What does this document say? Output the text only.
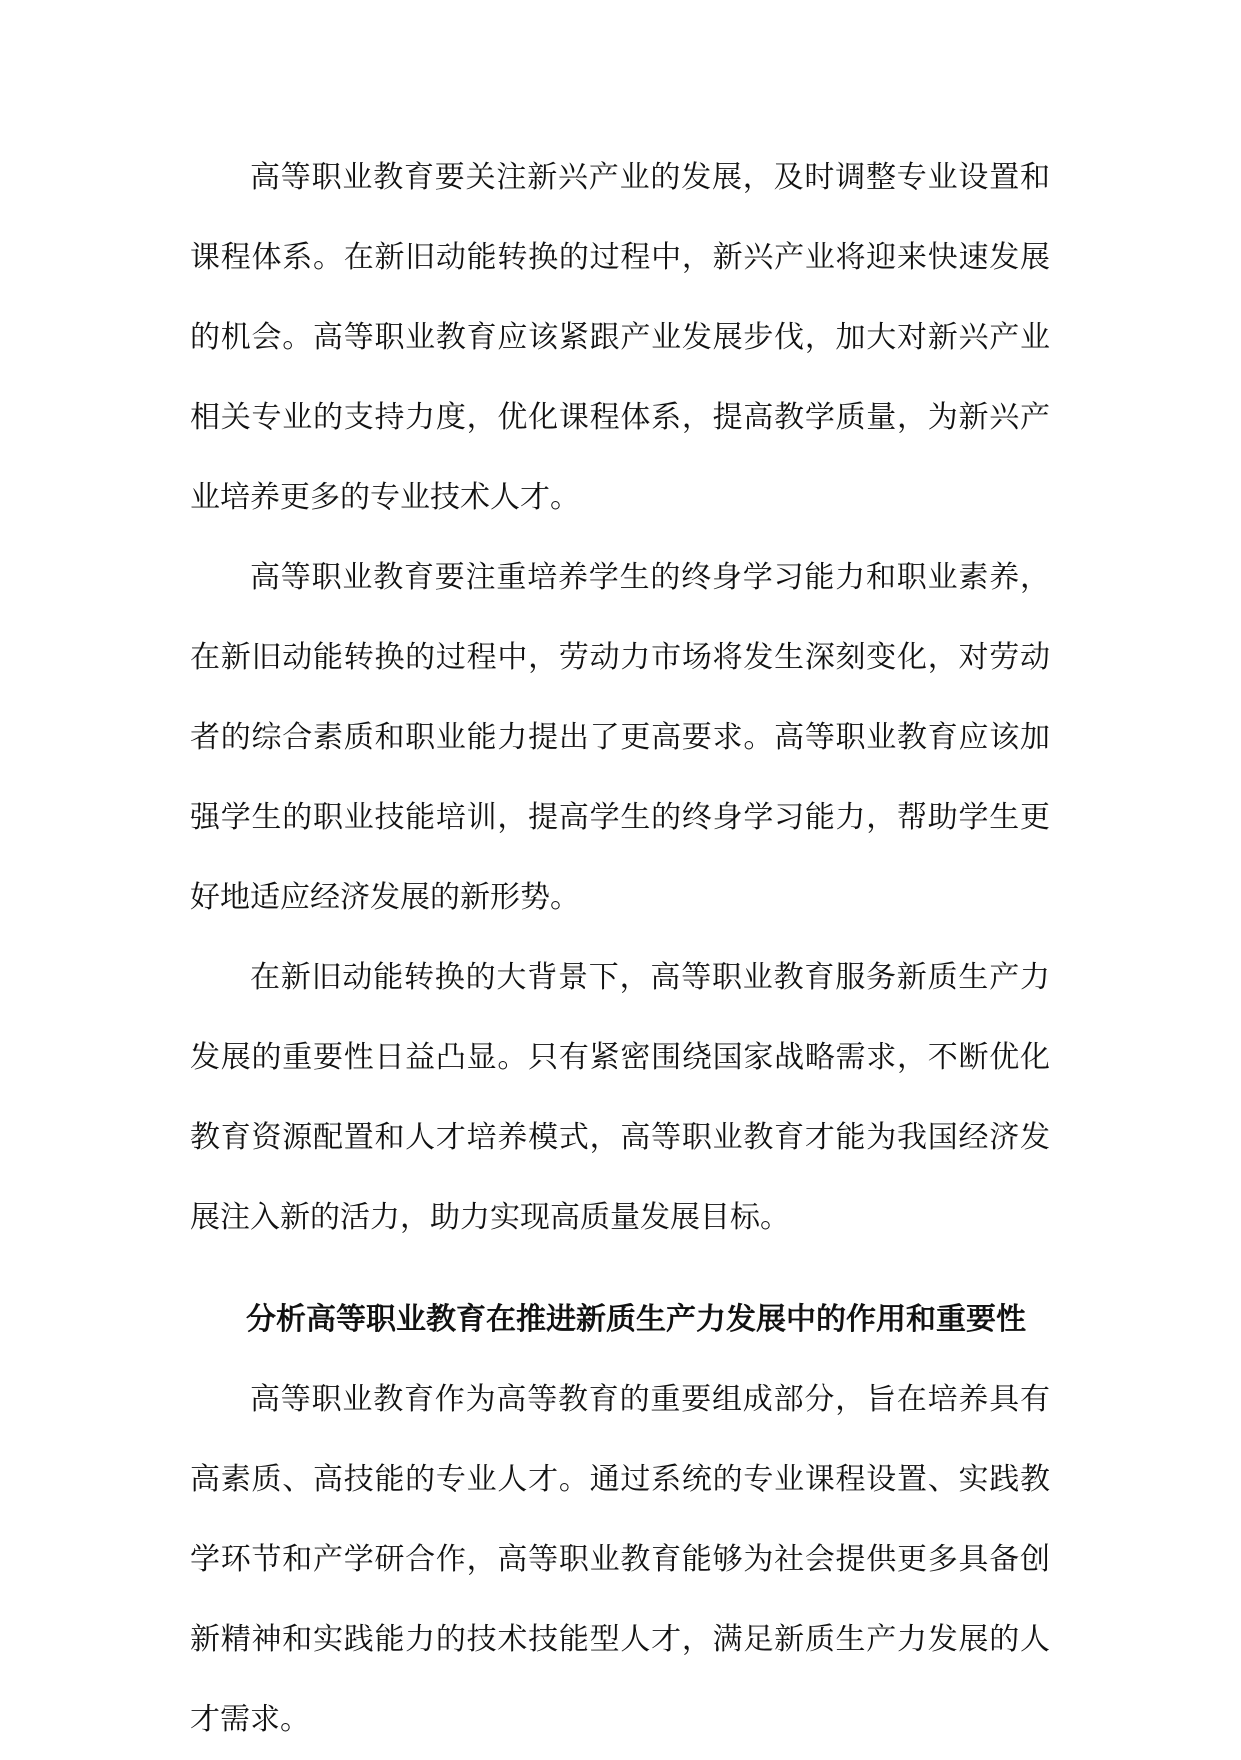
高等职业教育要关注新兴产业的发展，及时调整专业设置和课程体系。在新旧动能转换的过程中，新兴产业将迎来快速发展的机会。高等职业教育应该紧跟产业发展步伐，加大对新兴产业相关专业的支持力度，优化课程体系，提高教学质量，为新兴产业培养更多的专业技术人才。

高等职业教育要注重培养学生的终身学习能力和职业素养，在新旧动能转换的过程中，劳动力市场将发生深刻变化，对劳动者的综合素质和职业能力提出了更高要求。高等职业教育应该加强学生的职业技能培训，提高学生的终身学习能力，帮助学生更好地适应经济发展的新形势。

在新旧动能转换的大背景下，高等职业教育服务新质生产力发展的重要性日益凸显。只有紧密围绕国家战略需求，不断优化教育资源配置和人才培养模式，高等职业教育才能为我国经济发展注入新的活力，助力实现高质量发展目标。

分析高等职业教育在推进新质生产力发展中的作用和重要性

高等职业教育作为高等教育的重要组成部分，旨在培养具有高素质、高技能的专业人才。通过系统的专业课程设置、实践教学环节和产学研合作，高等职业教育能够为社会提供更多具备创新精神和实践能力的技术技能型人才，满足新质生产力发展的人才需求。
